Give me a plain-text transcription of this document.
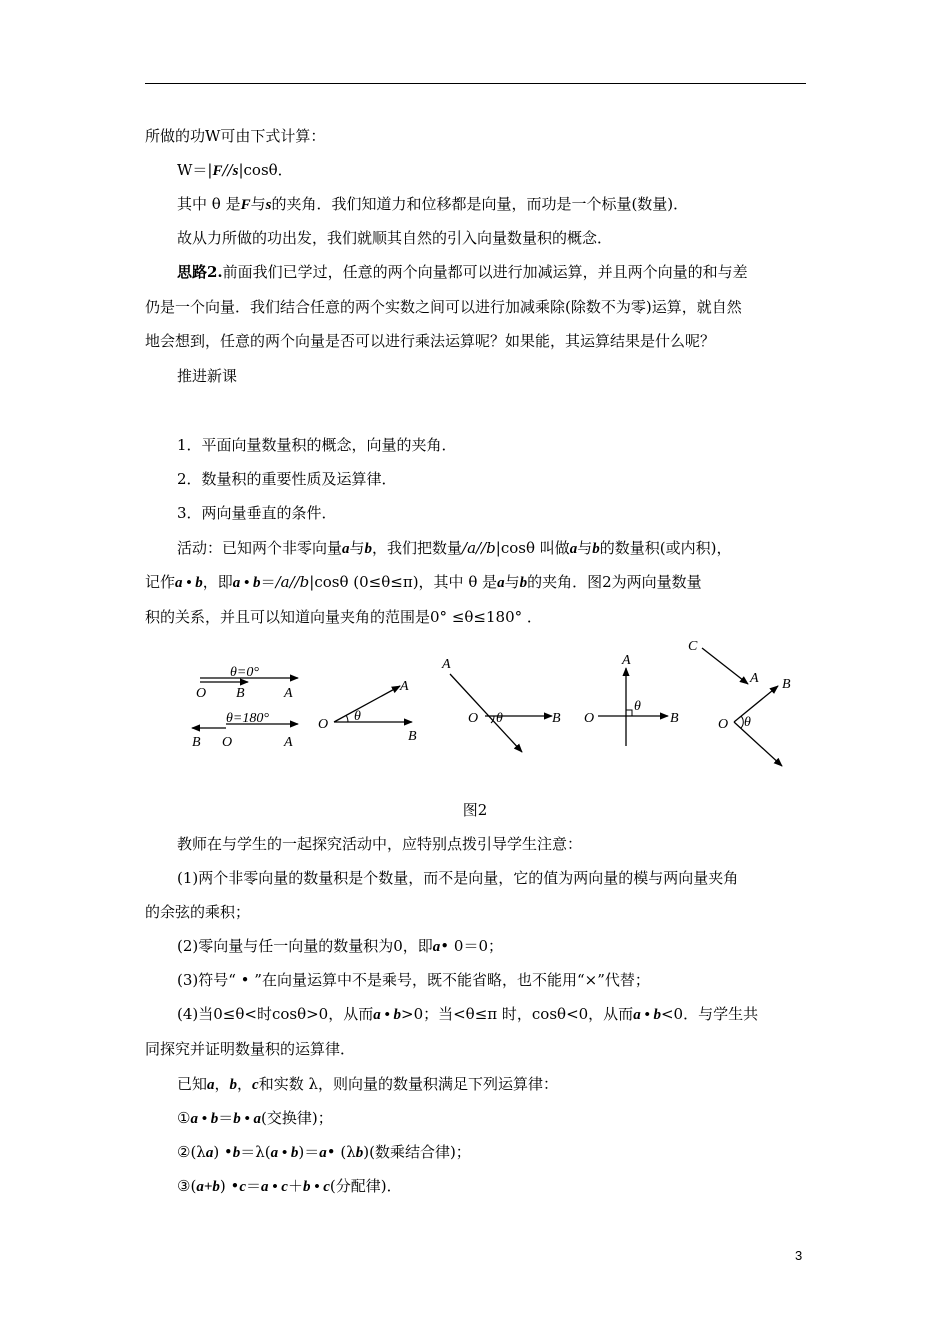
所做的功W可由下式计算：
W＝|F//s|cosθ．
其中 θ 是F与s的夹角．我们知道力和位移都是向量，而功是一个标量(数量)．
故从力所做的功出发，我们就顺其自然的引入向量数量积的概念．
思路2.前面我们已学过，任意的两个向量都可以进行加减运算，并且两个向量的和与差
仍是一个向量．我们结合任意的两个实数之间可以进行加减乘除(除数不为零)运算，就自然
地会想到，任意的两个向量是否可以进行乘法运算呢？如果能，其运算结果是什么呢？
推进新课
1．平面向量数量积的概念，向量的夹角．
2．数量积的重要性质及运算律．
3．两向量垂直的条件．
活动：已知两个非零向量a与b，我们把数量/a//b|cosθ 叫做a与b的数量积(或内积)，
记作a • b，即a • b＝/a//b|cosθ (0≤θ≤π)，其中 θ 是a与b的夹角．图2为两向量数量
积的关系，并且可以知道向量夹角的范围是0° ≤θ≤180° ．
θ=0°
O B	A
θ=180°
B O	A
O
θ
A
B
A
O θ	B
A
O
θ
B
C
A B
O θ
图2
教师在与学生的一起探究活动中，应特别点拨引导学生注意：
(1)两个非零向量的数量积是个数量，而不是向量，它的值为两向量的模与两向量夹角
的余弦的乘积；
(2)零向量与任一向量的数量积为0，即a• 0＝0；
(3)符号“ • ”在向量运算中不是乘号，既不能省略，也不能用“×”代替；
(4)当0≤θ<时cosθ>0，从而a • b>0；当<θ≤π 时，cosθ<0，从而a • b<0．与学生共
同探究并证明数量积的运算律．
已知a，b，c和实数 λ，则向量的数量积满足下列运算律：
①a • b＝b • a(交换律)；
②(λa) •b＝λ(a • b)＝a• (λb)(数乘结合律)；
③(a+b) •c＝a • c＋b • c(分配律)．
3
